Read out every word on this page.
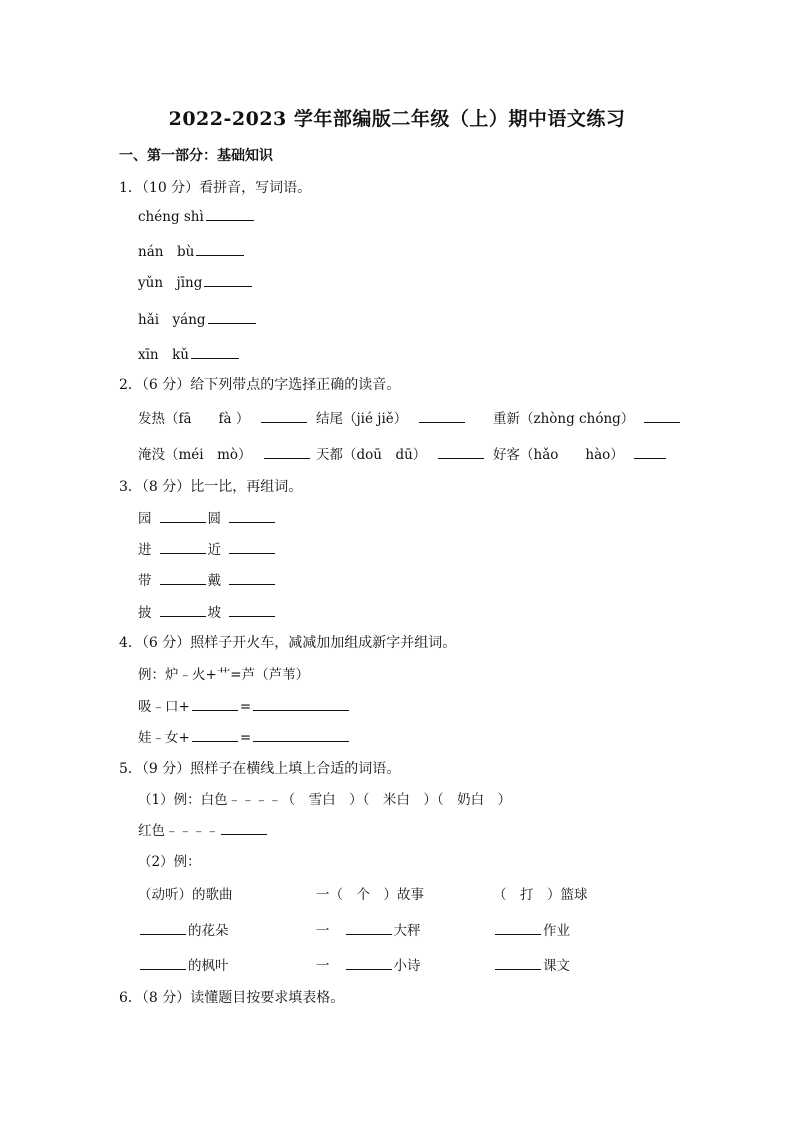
2022-2023 学年部编版二年级（上）期中语文练习
一、第一部分：基础知识
1．（10 分）看拼音，写词语。
chéng shì
nán　bù
yǔn　jīng
hǎi　yáng
xīn　kǔ
2．（6 分）给下列带点的字选择正确的读音。
发热（fā　　fà ）	结尾（jié jiě）	重新（zhòng chóng）
淹没（méi　mò）	天都（doū　dū）	好客（hǎo　　hào）
3．（8 分）比一比，再组词。
园	圆
进	近
带	戴
披	坡
4．（6 分）照样子开火车，减减加加组成新字并组词。
例：炉﹣火+艹=芦（芦苇）
吸﹣口+	=
娃﹣女+	=
5．（9 分）照样子在横线上填上合适的词语。
（1）例：白色﹣﹣﹣﹣（　雪白　）（　米白　）（　奶白　）
红色﹣﹣﹣﹣
（2）例：
（动听）的歌曲	一（　个　）故事	（　打　）篮球
的花朵	一	大秤	作业
的枫叶	一	小诗	课文
6．（8 分）读懂题目按要求填表格。
